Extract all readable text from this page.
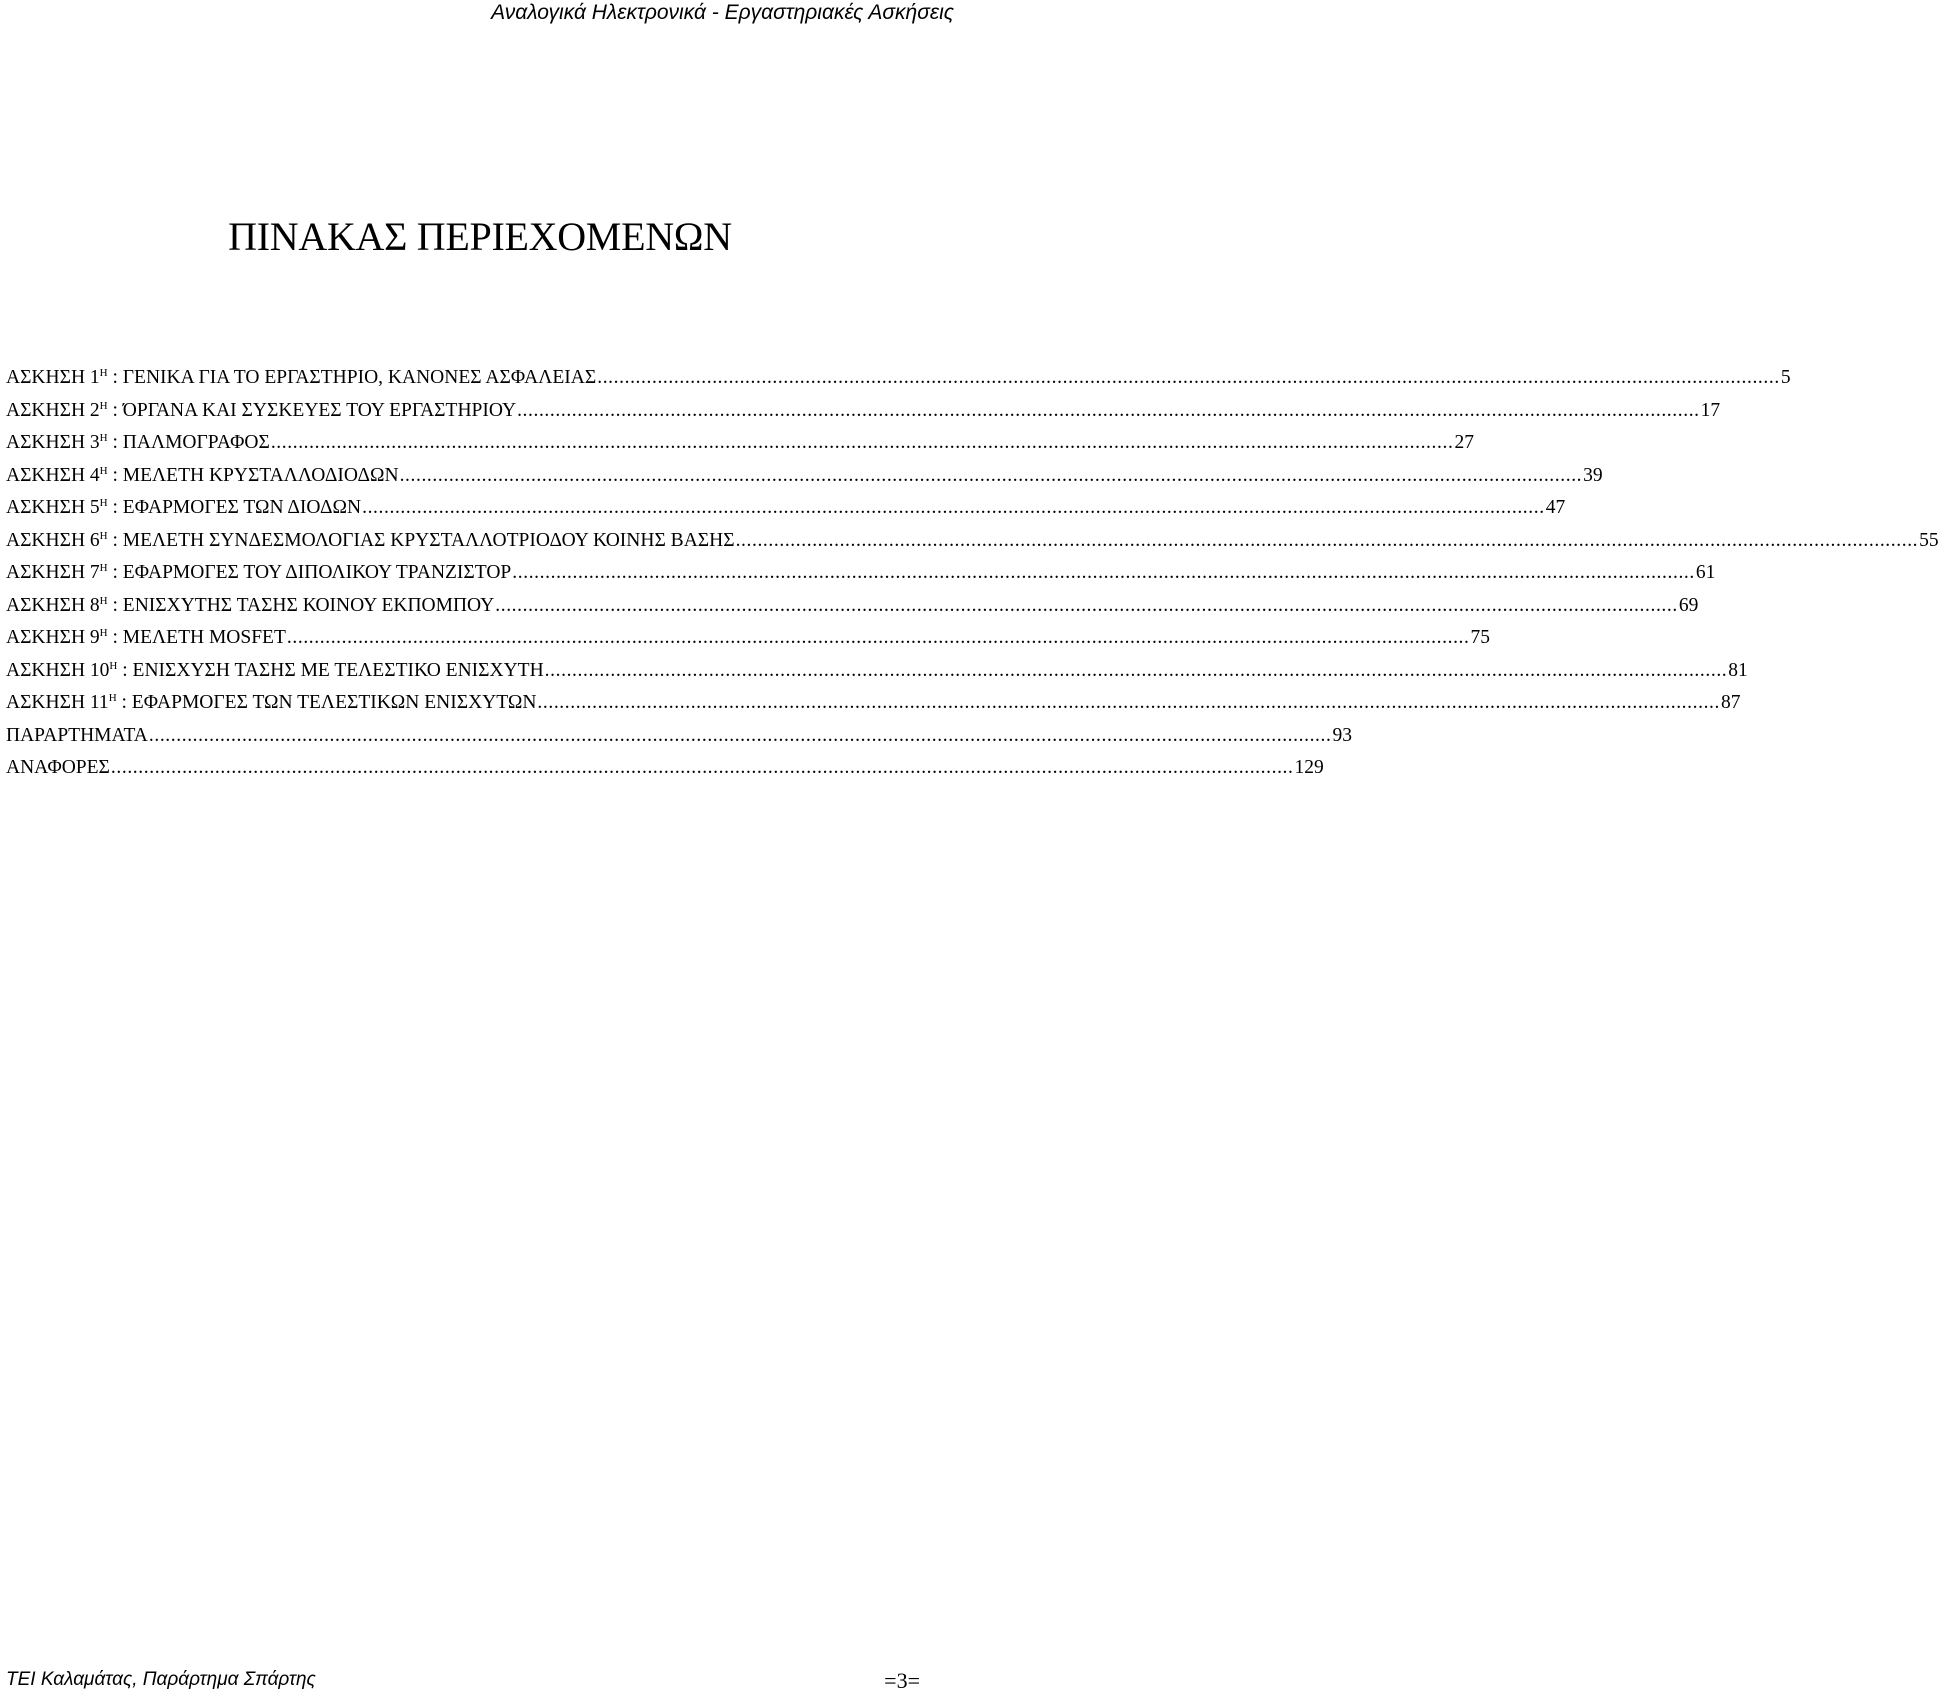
Αναλογικά Ηλεκτρονικά - Εργαστηριακές Ασκήσεις
ΠΙΝΑΚΑΣ ΠΕΡΙΕΧΟΜΕΝΩΝ
ΑΣΚΗΣΗ $1^H$ : ΓΕΝΙΚΑ ΓΙΑ ΤΟ ΕΡΓΑΣΤΗΡΙΟ, ΚΑΝΟΝΕΣ ΑΣΦΑΛΕΙΑΣ ........................................................................................................................................................................................................................ 5
ΑΣΚΗΣΗ $2^H$ : ΌΡΓΑΝΑ ΚΑΙ ΣΥΣΚΕΥΕΣ ΤΟΥ ΕΡΓΑΣΤΗΡΙΟΥ ........................................................................................................................................................................................................................ 17
ΑΣΚΗΣΗ $3^H$ : ΠΑΛΜΟΓΡΑΦΟΣ ........................................................................................................................................................................................................................ 27
ΑΣΚΗΣΗ $4^H$ : ΜΕΛΕΤΗ ΚΡΥΣΤΑΛΛΟΔΙΟΔΩΝ ........................................................................................................................................................................................................................ 39
ΑΣΚΗΣΗ $5^H$ : ΕΦΑΡΜΟΓΕΣ ΤΩΝ ΔΙΟΔΩΝ ........................................................................................................................................................................................................................ 47
ΑΣΚΗΣΗ $6^H$ : ΜΕΛΕΤΗ ΣΥΝΔΕΣΜΟΛΟΓΙΑΣ ΚΡΥΣΤΑΛΛΟΤΡΙΟΔΟΥ ΚΟΙΝΗΣ ΒΑΣΗΣ ........................................................................................................................................................................................................................ 55
ΑΣΚΗΣΗ $7^H$ : ΕΦΑΡΜΟΓΕΣ ΤΟΥ ΔΙΠΟΛΙΚΟΥ ΤΡΑΝΖΙΣΤΟΡ ........................................................................................................................................................................................................................ 61
ΑΣΚΗΣΗ $8^H$ : ΕΝΙΣΧΥΤΗΣ ΤΑΣΗΣ ΚΟΙΝΟΥ ΕΚΠΟΜΠΟΥ ........................................................................................................................................................................................................................ 69
ΑΣΚΗΣΗ $9^H$ : ΜΕΛΕΤΗ MOSFET ........................................................................................................................................................................................................................ 75
ΑΣΚΗΣΗ $10^H$ : ΕΝΙΣΧΥΣΗ ΤΑΣΗΣ ΜΕ ΤΕΛΕΣΤΙΚΟ ΕΝΙΣΧΥΤΗ ........................................................................................................................................................................................................................ 81
ΑΣΚΗΣΗ $11^H$ : ΕΦΑΡΜΟΓΕΣ ΤΩΝ ΤΕΛΕΣΤΙΚΩΝ ΕΝΙΣΧΥΤΩΝ ........................................................................................................................................................................................................................ 87
ΠΑΡΑΡΤΗΜΑΤΑ ........................................................................................................................................................................................................................ 93
ΑΝΑΦΟΡΕΣ ........................................................................................................................................................................................................................ 129
ΤΕΙ Καλαμάτας, Παράρτημα Σπάρτης	=3=
